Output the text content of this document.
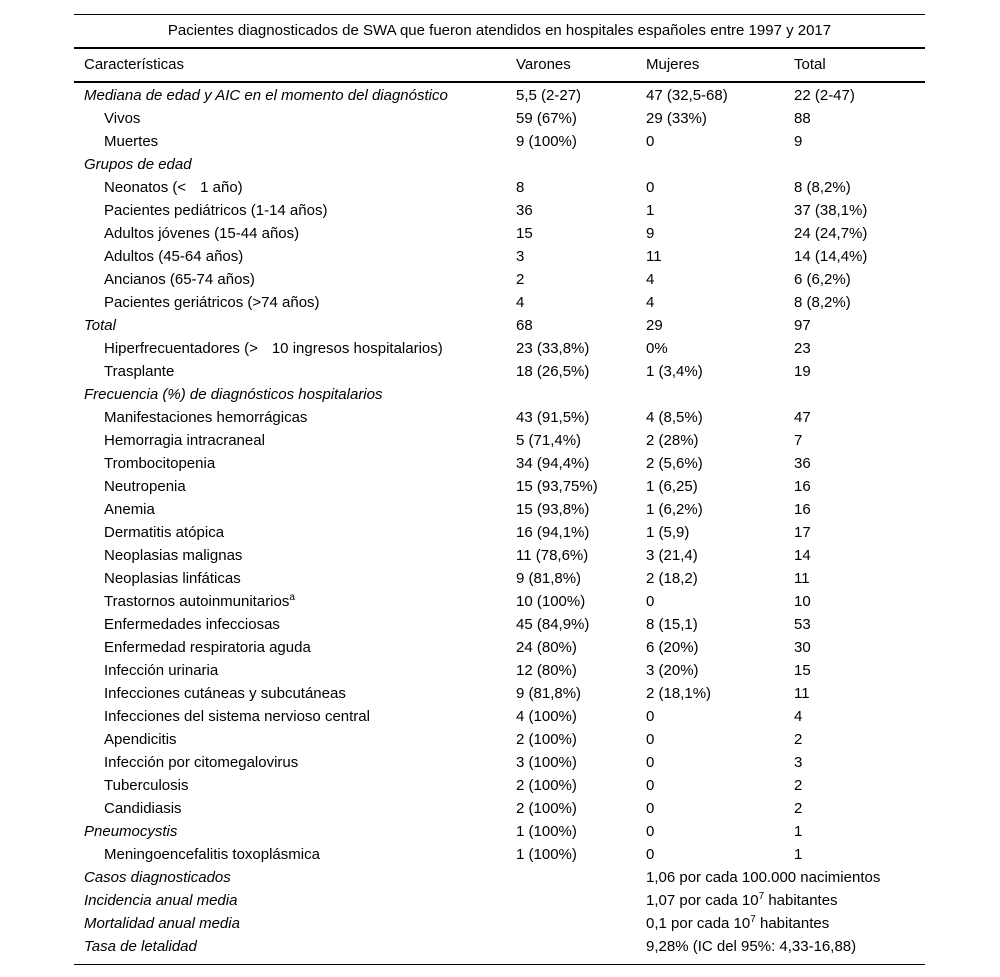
Pacientes diagnosticados de SWA que fueron atendidos en hospitales españoles entre 1997 y 2017
Características	Varones	Mujeres	Total
Mediana de edad y AIC en el momento del diagnóstico	5,5 (2-27)	47 (32,5-68)	22 (2-47)
Vivos	59 (67%)	29 (33%)	88
Muertes	9 (100%)	0	9
Grupos de edad
Neonatos (< 1 año)	8	0	8 (8,2%)
Pacientes pediátricos (1-14 años)	36	1	37 (38,1%)
Adultos jóvenes (15-44 años)	15	9	24 (24,7%)
Adultos (45-64 años)	3	11	14 (14,4%)
Ancianos (65-74 años)	2	4	6 (6,2%)
Pacientes geriátricos (>74 años)	4	4	8 (8,2%)
Total	68	29	97
Hiperfrecuentadores (> 10 ingresos hospitalarios)	23 (33,8%)	0%	23
Trasplante	18 (26,5%)	1 (3,4%)	19
Frecuencia (%) de diagnósticos hospitalarios
Manifestaciones hemorrágicas	43 (91,5%)	4 (8,5%)	47
Hemorragia intracraneal	5 (71,4%)	2 (28%)	7
Trombocitopenia	34 (94,4%)	2 (5,6%)	36
Neutropenia	15 (93,75%)	1 (6,25)	16
Anemia	15 (93,8%)	1 (6,2%)	16
Dermatitis atópica	16 (94,1%)	1 (5,9)	17
Neoplasias malignas	11 (78,6%)	3 (21,4)	14
Neoplasias linfáticas	9 (81,8%)	2 (18,2)	11
Trastornos autoinmunitarios$^a$	10 (100%)	0	10
Enfermedades infecciosas	45 (84,9%)	8 (15,1)	53
Enfermedad respiratoria aguda	24 (80%)	6 (20%)	30
Infección urinaria	12 (80%)	3 (20%)	15
Infecciones cutáneas y subcutáneas	9 (81,8%)	2 (18,1%)	11
Infecciones del sistema nervioso central	4 (100%)	0	4
Apendicitis	2 (100%)	0	2
Infección por citomegalovirus	3 (100%)	0	3
Tuberculosis	2 (100%)	0	2
Candidiasis	2 (100%)	0	2
Pneumocystis	1 (100%)	0	1
Meningoencefalitis toxoplásmica	1 (100%)	0	1
Casos diagnosticados	1,06 por cada 100.000 nacimientos
Incidencia anual media	1,07 por cada $10^7$ habitantes
Mortalidad anual media	0,1 por cada $10^7$ habitantes
Tasa de letalidad	9,28% (IC del 95%: 4,33-16,88)
